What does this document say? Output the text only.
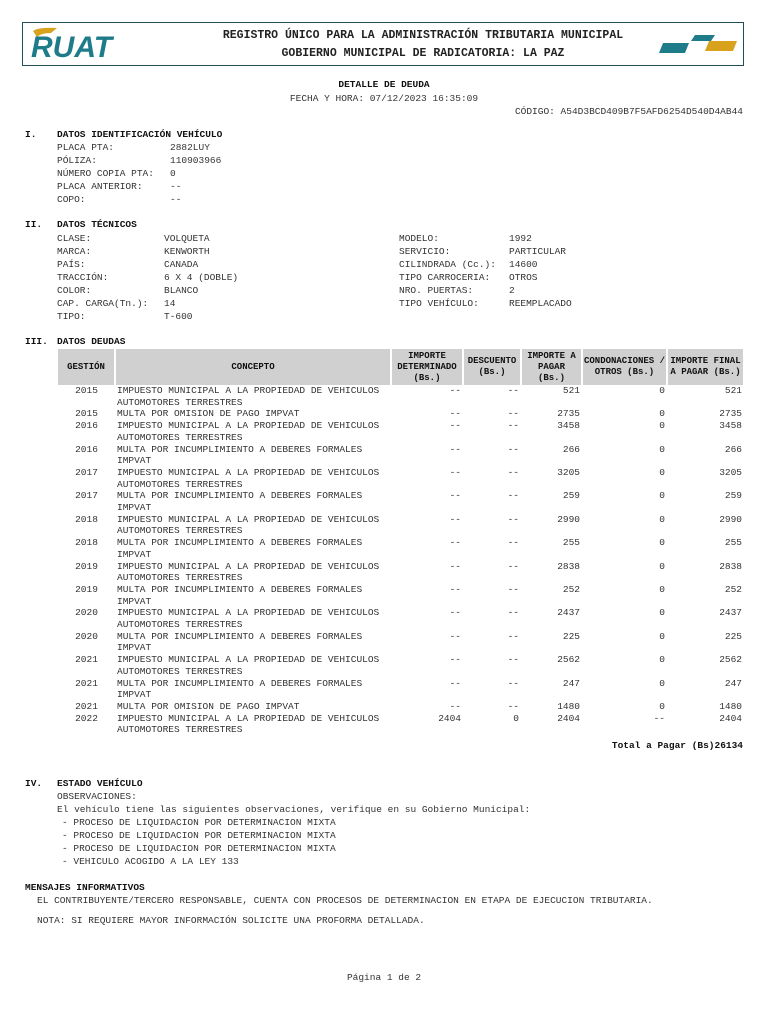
RUAT	REGISTRO ÚNICO PARA LA ADMINISTRACIÓN TRIBUTARIA MUNICIPAL
GOBIERNO MUNICIPAL DE RADICATORIA: LA PAZ
DETALLE DE DEUDA
FECHA Y HORA: 07/12/2023 16:35:09
CÓDIGO: A54D3BCD409B7F5AFD6254D540D4AB44
I. DATOS IDENTIFICACIÓN VEHÍCULO
PLACA PTA:	2882LUY
PÓLIZA:	110903966
NÚMERO COPIA PTA: 0
PLACA ANTERIOR:	--
COPO:	--
II. DATOS TÉCNICOS
CLASE:	VOLQUETA
MARCA:	KENWORTH
PAÍS:	CANADA
TRACCIÓN:	6 X 4 (DOBLE)
COLOR:	BLANCO
CAP. CARGA(Tn.): 14
TIPO:	T-600
MODELO:	1992
SERVICIO:	PARTICULAR
CILINDRADA (Cc.): 14600
TIPO CARROCERIA: OTROS
NRO. PUERTAS:	2
TIPO VEHÍCULO:	REEMPLACADO
III. DATOS DEUDAS
GESTIÓN	CONCEPTO	IMPORTE DETERMINADO (Bs.)	DESCUENTO (Bs.)	IMPORTE A PAGAR (Bs.)	CONDONACIONES / OTROS (Bs.)	IMPORTE FINAL A PAGAR (Bs.)
2015	IMPUESTO MUNICIPAL A LA PROPIEDAD DE VEHICULOS AUTOMOTORES TERRESTRES	--	--	521	0	521
2015	MULTA POR OMISION DE PAGO IMPVAT	--	--	2735	0	2735
2016	IMPUESTO MUNICIPAL A LA PROPIEDAD DE VEHICULOS AUTOMOTORES TERRESTRES	--	--	3458	0	3458
2016	MULTA POR INCUMPLIMIENTO A DEBERES FORMALES IMPVAT	--	--	266	0	266
2017	IMPUESTO MUNICIPAL A LA PROPIEDAD DE VEHICULOS AUTOMOTORES TERRESTRES	--	--	3205	0	3205
2017	MULTA POR INCUMPLIMIENTO A DEBERES FORMALES IMPVAT	--	--	259	0	259
2018	IMPUESTO MUNICIPAL A LA PROPIEDAD DE VEHICULOS AUTOMOTORES TERRESTRES	--	--	2990	0	2990
2018	MULTA POR INCUMPLIMIENTO A DEBERES FORMALES IMPVAT	--	--	255	0	255
2019	IMPUESTO MUNICIPAL A LA PROPIEDAD DE VEHICULOS AUTOMOTORES TERRESTRES	--	--	2838	0	2838
2019	MULTA POR INCUMPLIMIENTO A DEBERES FORMALES IMPVAT	--	--	252	0	252
2020	IMPUESTO MUNICIPAL A LA PROPIEDAD DE VEHICULOS AUTOMOTORES TERRESTRES	--	--	2437	0	2437
2020	MULTA POR INCUMPLIMIENTO A DEBERES FORMALES IMPVAT	--	--	225	0	225
2021	IMPUESTO MUNICIPAL A LA PROPIEDAD DE VEHICULOS AUTOMOTORES TERRESTRES	--	--	2562	0	2562
2021	MULTA POR INCUMPLIMIENTO A DEBERES FORMALES IMPVAT	--	--	247	0	247
2021	MULTA POR OMISION DE PAGO IMPVAT	--	--	1480	0	1480
2022	IMPUESTO MUNICIPAL A LA PROPIEDAD DE VEHICULOS AUTOMOTORES TERRESTRES	2404	0	2404	--	2404
Total a Pagar (Bs)26134
IV. ESTADO VEHÍCULO
OBSERVACIONES:
El vehículo tiene las siguientes observaciones, verifique en su Gobierno Municipal:
- PROCESO DE LIQUIDACION POR DETERMINACION MIXTA
- PROCESO DE LIQUIDACION POR DETERMINACION MIXTA
- PROCESO DE LIQUIDACION POR DETERMINACION MIXTA
- VEHICULO ACOGIDO A LA LEY 133
MENSAJES INFORMATIVOS
EL CONTRIBUYENTE/TERCERO RESPONSABLE, CUENTA CON PROCESOS DE DETERMINACION EN ETAPA DE EJECUCION TRIBUTARIA.
NOTA: SI REQUIERE MAYOR INFORMACIÓN SOLICITE UNA PROFORMA DETALLADA.
Página 1 de 2
